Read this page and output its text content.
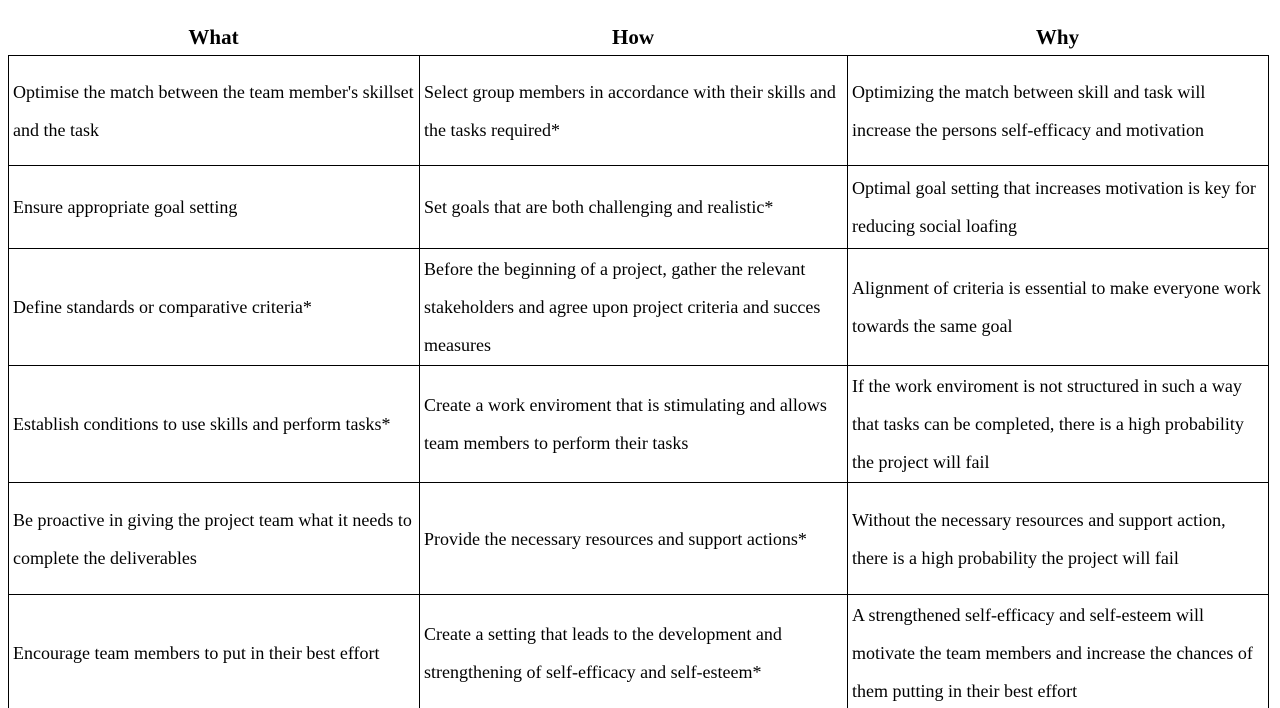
What	How	Why
Optimise the match between the team member's skillset and the task	Select group members in accordance with their skills and the tasks required*	Optimizing the match between skill and task will increase the persons self-efficacy and motivation
Ensure appropriate goal setting	Set goals that are both challenging and realistic*	Optimal goal setting that increases motivation is key for reducing social loafing
Define standards or comparative criteria*	Before the beginning of a project, gather the relevant stakeholders and agree upon project criteria and succes measures	Alignment of criteria is essential to make everyone work towards the same goal
Establish conditions to use skills and perform tasks*	Create a work enviroment that is stimulating and allows team members to perform their tasks	If the work enviroment is not structured in such a way that tasks can be completed, there is a high probability the project will fail
Be proactive in giving the project team what it needs to complete the deliverables	Provide the necessary resources and support actions*	Without the necessary resources and support action, there is a high probability the project will fail
Encourage team members to put in their best effort	Create a setting that leads to the development and strengthening of self-efficacy and self-esteem*	A strengthened self-efficacy and self-esteem will motivate the team members and increase the chances of them putting in their best effort
